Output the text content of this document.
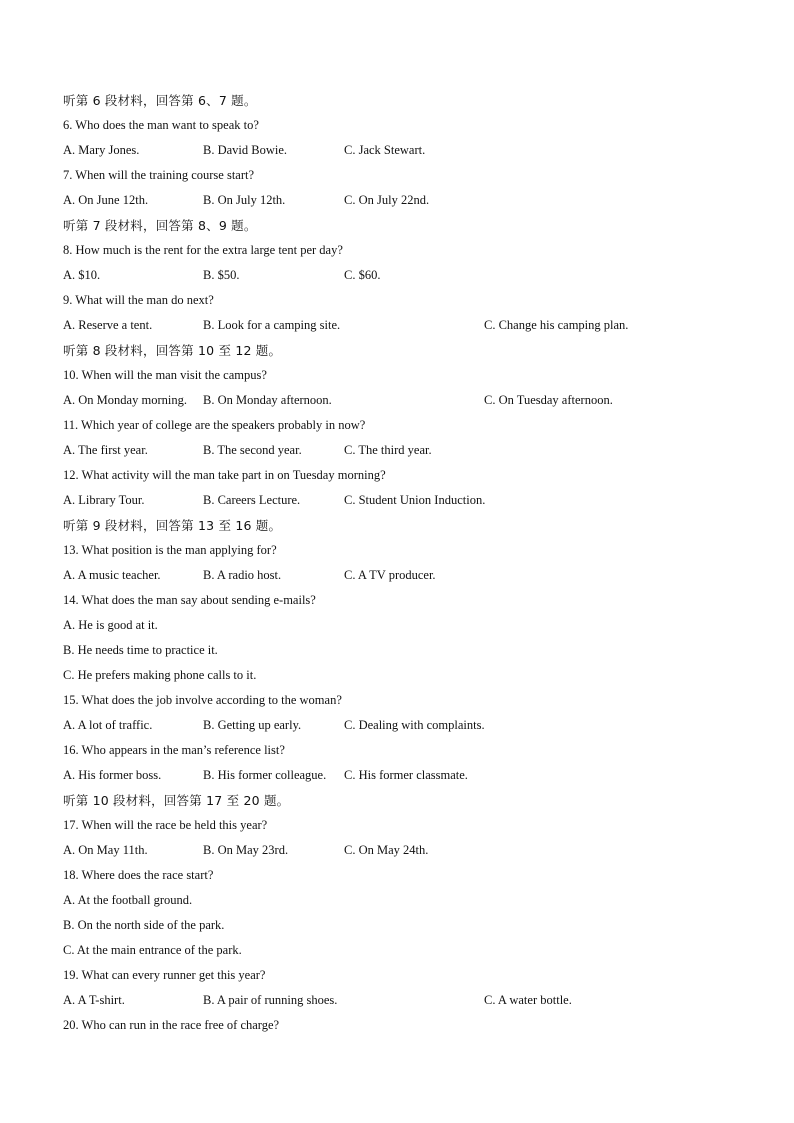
听第 6 段材料，回答第 6、7 题。
6. Who does the man want to speak to?
A. Mary Jones.	B. David Bowie.	C. Jack Stewart.
7. When will the training course start?
A. On June 12th.	B. On July 12th.	C. On July 22nd.
听第 7 段材料，回答第 8、9 题。
8. How much is the rent for the extra large tent per day?
A. $10.	B. $50.	C. $60.
9. What will the man do next?
A. Reserve a tent.	B. Look for a camping site.	C. Change his camping plan.
听第 8 段材料，回答第 10 至 12 题。
10. When will the man visit the campus?
A. On Monday morning. B. On Monday afternoon.	C. On Tuesday afternoon.
11. Which year of college are the speakers probably in now?
A. The first year.	B. The second year.	C. The third year.
12. What activity will the man take part in on Tuesday morning?
A. Library Tour.	B. Careers Lecture.	C. Student Union Induction.
听第 9 段材料，回答第 13 至 16 题。
13. What position is the man applying for?
A. A music teacher.	B. A radio host.	C. A TV producer.
14. What does the man say about sending e-mails?
A. He is good at it.
B. He needs time to practice it.
C. He prefers making phone calls to it.
15. What does the job involve according to the woman?
A. A lot of traffic.	B. Getting up early.	C. Dealing with complaints.
16. Who appears in the man’s reference list?
A. His former boss.	B. His former colleague. C. His former classmate.
听第 10 段材料，回答第 17 至 20 题。
17. When will the race be held this year?
A. On May 11th.	B. On May 23rd.	C. On May 24th.
18. Where does the race start?
A. At the football ground.
B. On the north side of the park.
C. At the main entrance of the park.
19. What can every runner get this year?
A. A T-shirt.	B. A pair of running shoes.	C. A water bottle.
20. Who can run in the race free of charge?
